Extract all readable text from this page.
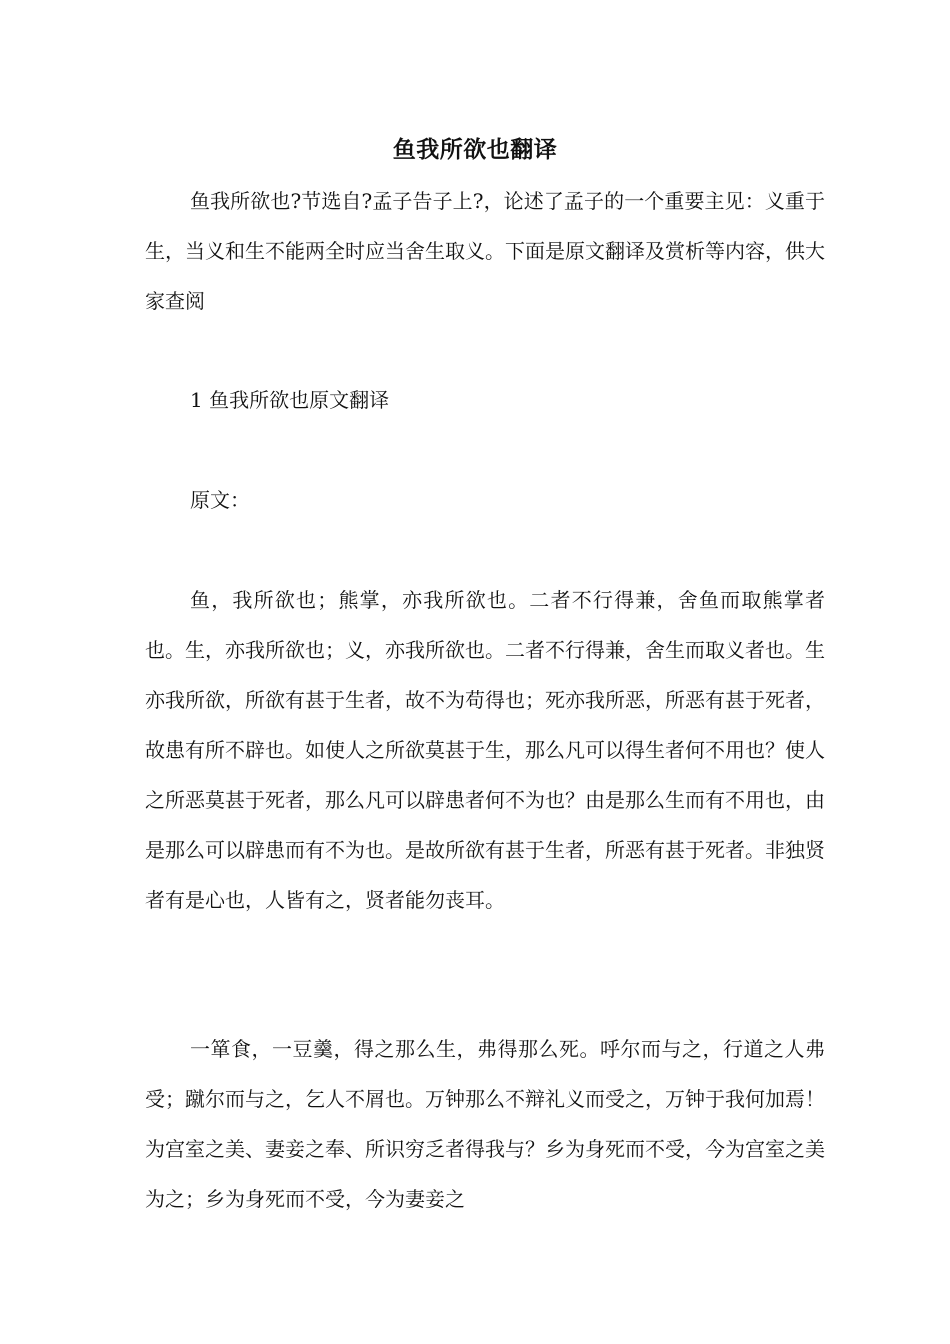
鱼我所欲也翻译

鱼我所欲也?节选自?孟子告子上?，论述了孟子的一个重要主见：义重于生，当义和生不能两全时应当舍生取义。下面是原文翻译及赏析等内容，供大家查阅

1 鱼我所欲也原文翻译

原文：

鱼，我所欲也；熊掌，亦我所欲也。二者不行得兼，舍鱼而取熊掌者也。生，亦我所欲也；义，亦我所欲也。二者不行得兼，舍生而取义者也。生亦我所欲，所欲有甚于生者，故不为苟得也；死亦我所恶，所恶有甚于死者，故患有所不辟也。如使人之所欲莫甚于生，那么凡可以得生者何不用也？使人之所恶莫甚于死者，那么凡可以辟患者何不为也？由是那么生而有不用也，由是那么可以辟患而有不为也。是故所欲有甚于生者，所恶有甚于死者。非独贤者有是心也，人皆有之，贤者能勿丧耳。

一箪食，一豆羹，得之那么生，弗得那么死。呼尔而与之，行道之人弗受；蹴尔而与之，乞人不屑也。万钟那么不辩礼义而受之，万钟于我何加焉！为宫室之美、妻妾之奉、所识穷乏者得我与？乡为身死而不受，今为宫室之美为之；乡为身死而不受，今为妻妾之
